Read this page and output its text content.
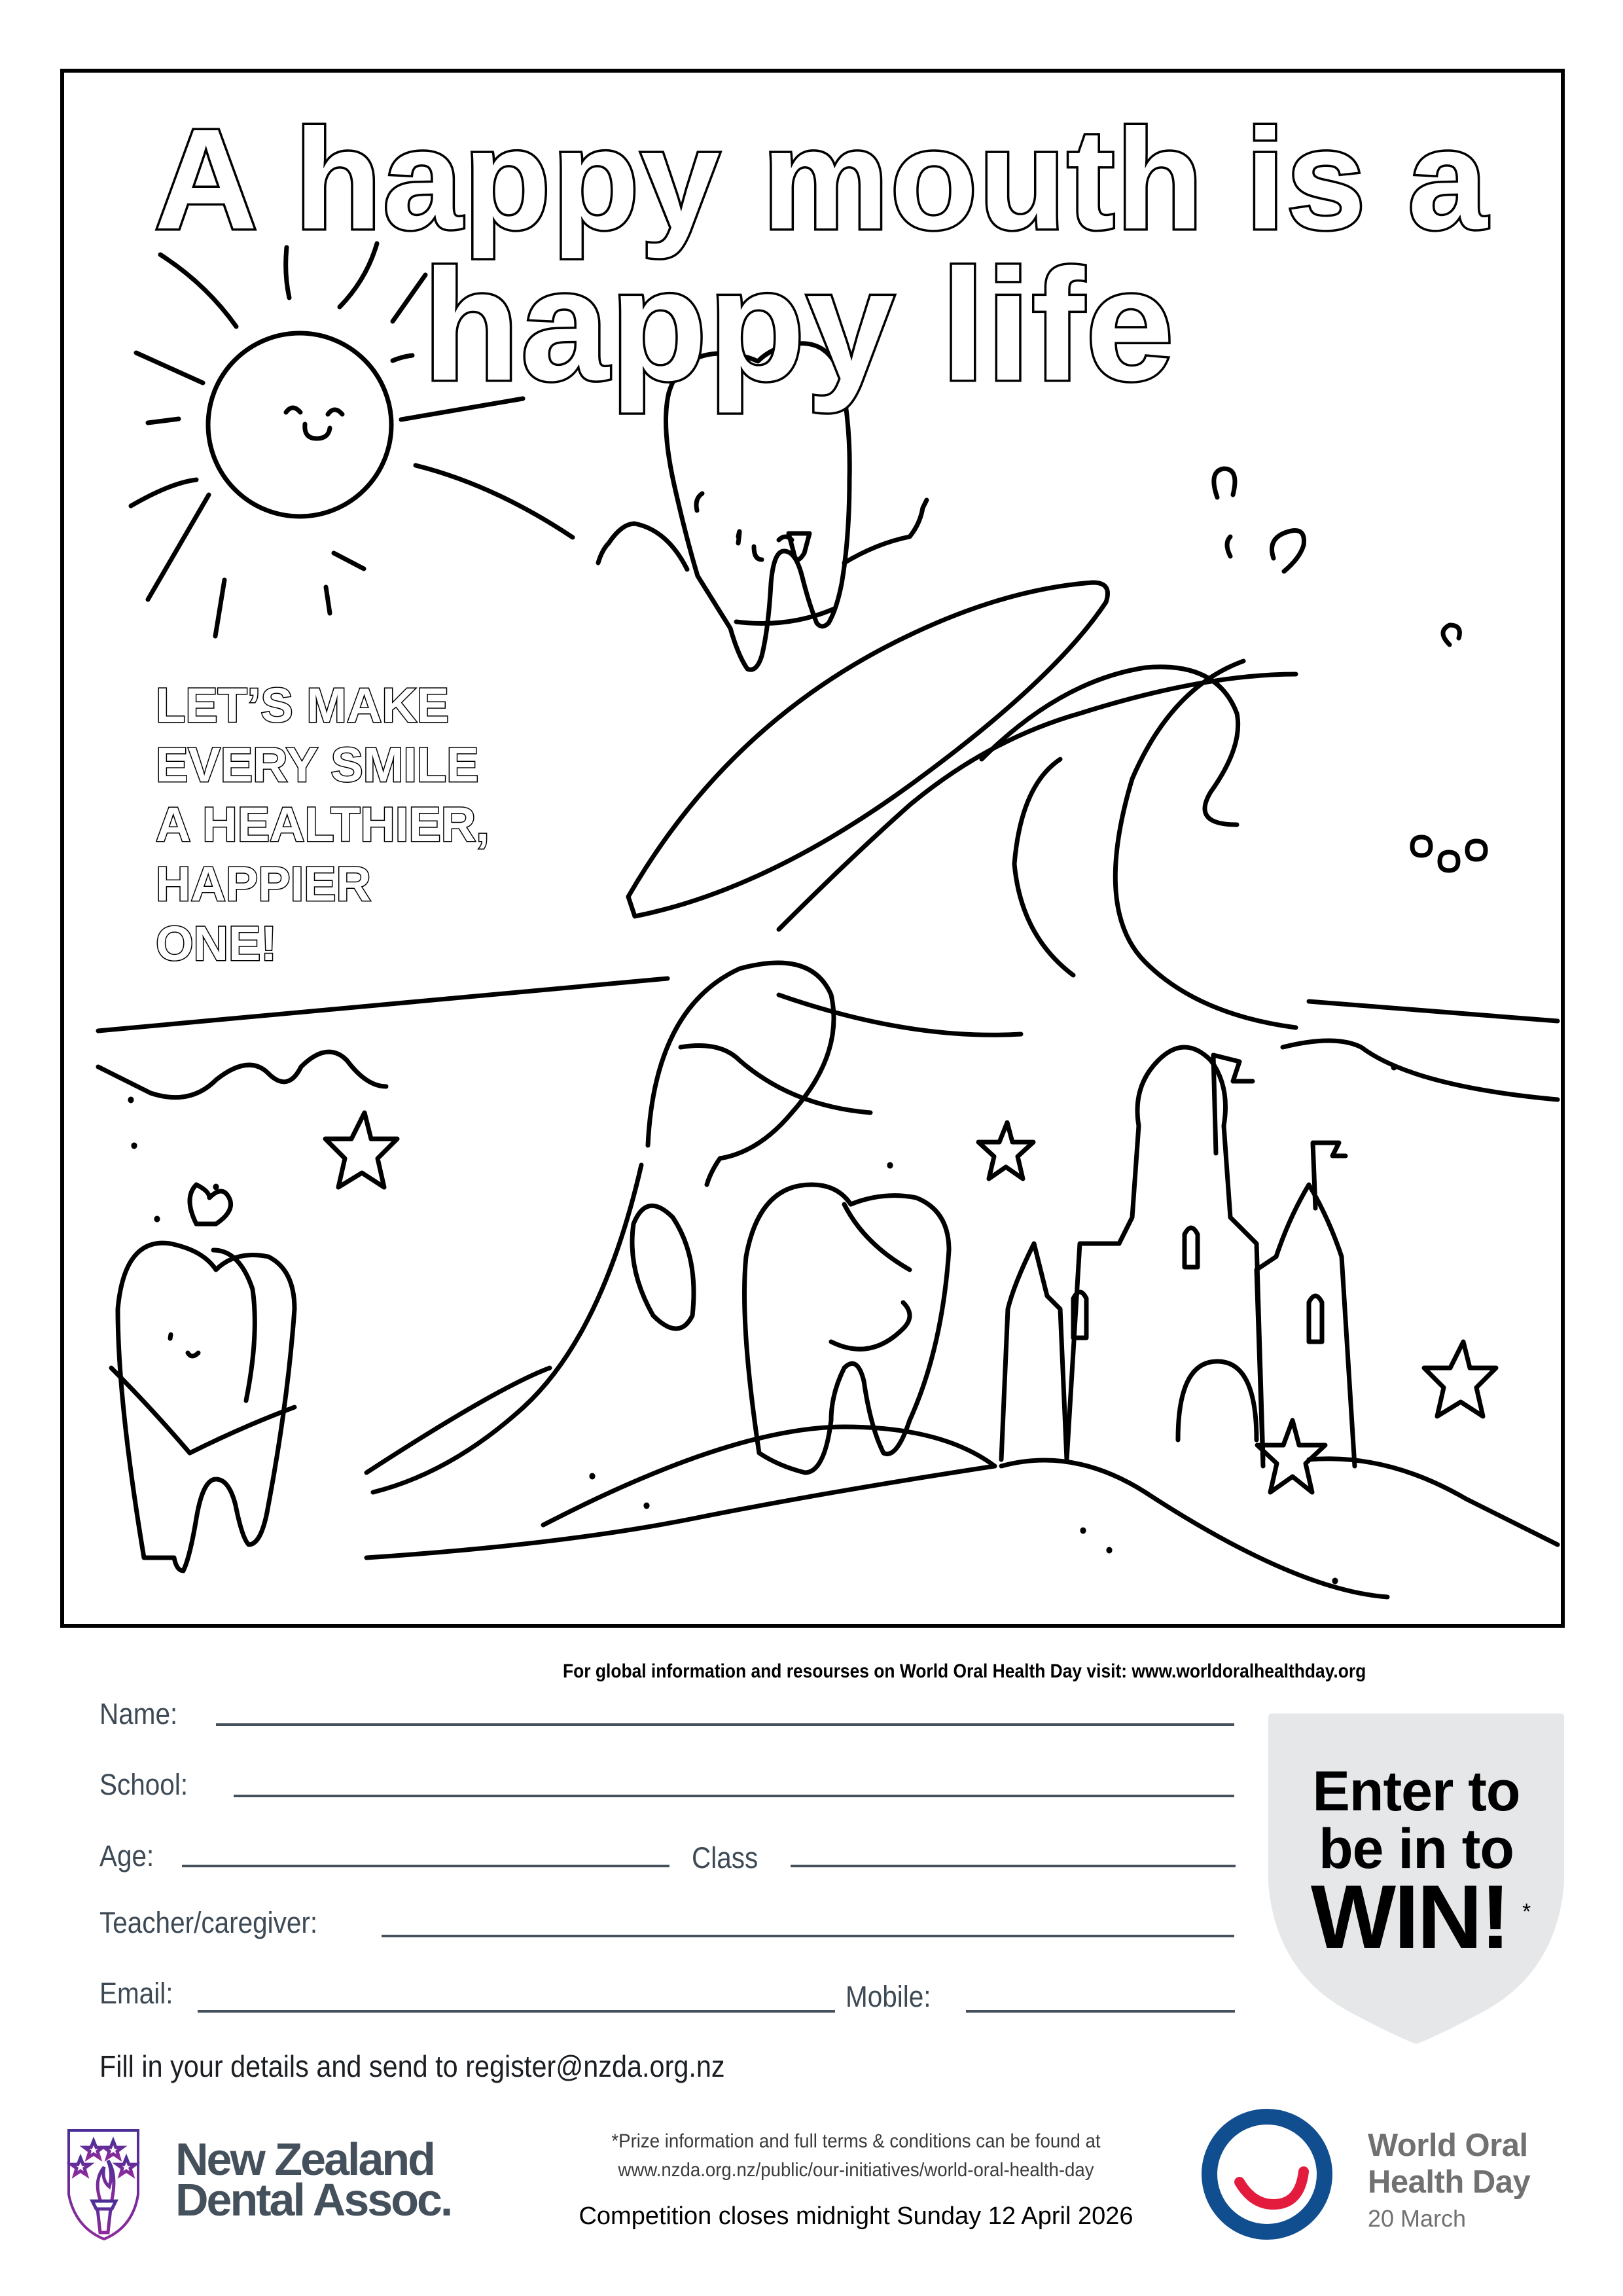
A happy mouth is a
happy life
LET’S MAKE
EVERY SMILE
A HEALTHIER,
HAPPIER
ONE!
For global information and resourses on World Oral Health Day visit: www.worldoralhealthday.org
Name:
School:
Age:	Class
Teacher/caregiver:
Email:	Mobile:
Fill in your details and send to register@nzda.org.nz
Enter to
be in to
WIN! *
New Zealand
Dental Assoc.
*Prize information and full terms & conditions can be found at
www.nzda.org.nz/public/our-initiatives/world-oral-health-day
Competition closes midnight Sunday 12 April 2026
World Oral
Health Day
20 March
